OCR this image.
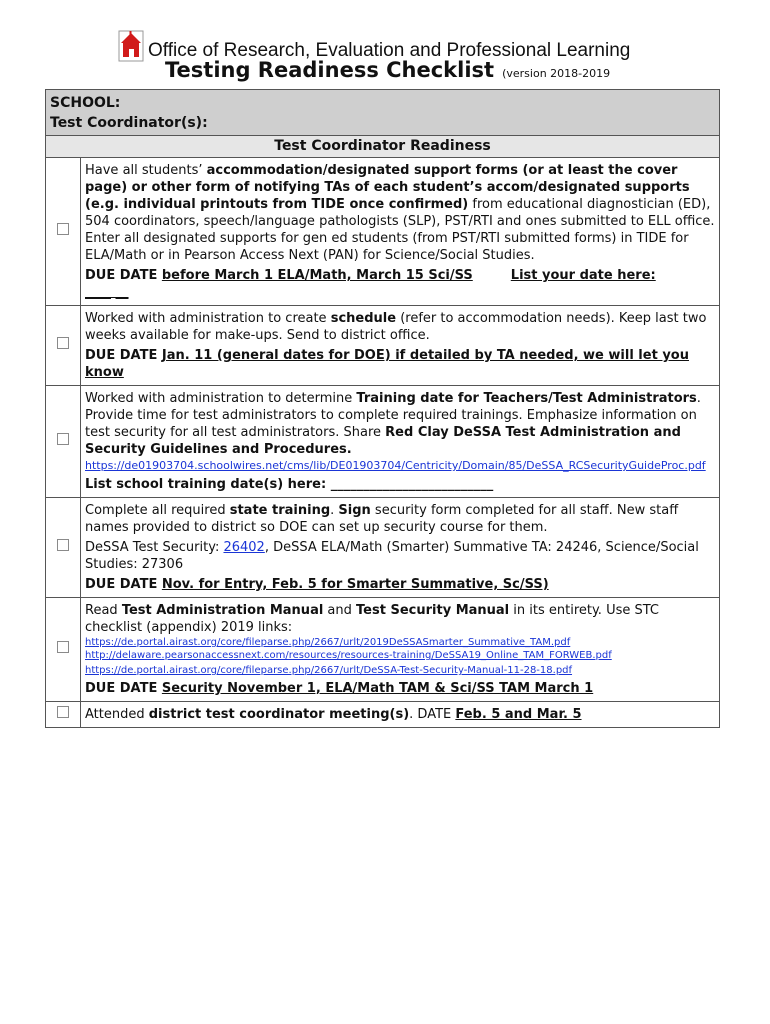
Office of Research, Evaluation and Professional Learning
Testing Readiness Checklist (version 2018-2019
SCHOOL:
Test Coordinator(s):	

Test Coordinator Readiness	

	Have all students’ accommodation/designated support forms (or at least the cover page) or other form of notifying TAs of each student’s accom/designated supports (e.g. individual printouts from TIDE once confirmed) from educational diagnostician (ED), 504 coordinators, speech/language pathologists (SLP), PST/RTI and ones submitted to ELL office. Enter all designated supports for gen ed students (from PST/RTI submitted forms) in TIDE for ELA/Math or in Pearson Access Next (PAN) for Science/Social Studies.

DUE DATE before March 1 ELA/Math, March 15 Sci/SS List your date here:
____ __

	Worked with administration to create schedule (refer to accommodation needs). Keep last two weeks available for make-ups. Send to district office.

DUE DATE Jan. 11 (general dates for DOE) if detailed by TA needed, we will let you know

	Worked with administration to determine Training date for Teachers/Test Administrators. Provide time for test administrators to complete required trainings. Emphasize information on test security for all test administrators. Share Red Clay DeSSA Test Administration and Security Guidelines and Procedures.

https://de01903704.schoolwires.net/cms/lib/DE01903704/Centricity/Domain/85/DeSSA_RCSecurityGuideProc.pdf

List school training date(s) here: _________________________

	Complete all required state training. Sign security form completed for all staff. New staff names provided to district so DOE can set up security course for them.

DeSSA Test Security: 26402, DeSSA ELA/Math (Smarter) Summative TA: 24246, Science/Social Studies: 27306

DUE DATE Nov. for Entry, Feb. 5 for Smarter Summative, Sc/SS)

	Read Test Administration Manual and Test Security Manual in its entirety. Use STC checklist (appendix) 2019 links:

https://de.portal.airast.org/core/fileparse.php/2667/urlt/2019DeSSASmarter_Summative_TAM.pdf
http://delaware.pearsonaccessnext.com/resources/resources-training/DeSSA19_Online_TAM_FORWEB.pdf
https://de.portal.airast.org/core/fileparse.php/2667/urlt/DeSSA-Test-Security-Manual-11-28-18.pdf

DUE DATE Security November 1, ELA/Math TAM & Sci/SS TAM March 1

	Attended district test coordinator meeting(s). DATE Feb. 5 and Mar. 5
